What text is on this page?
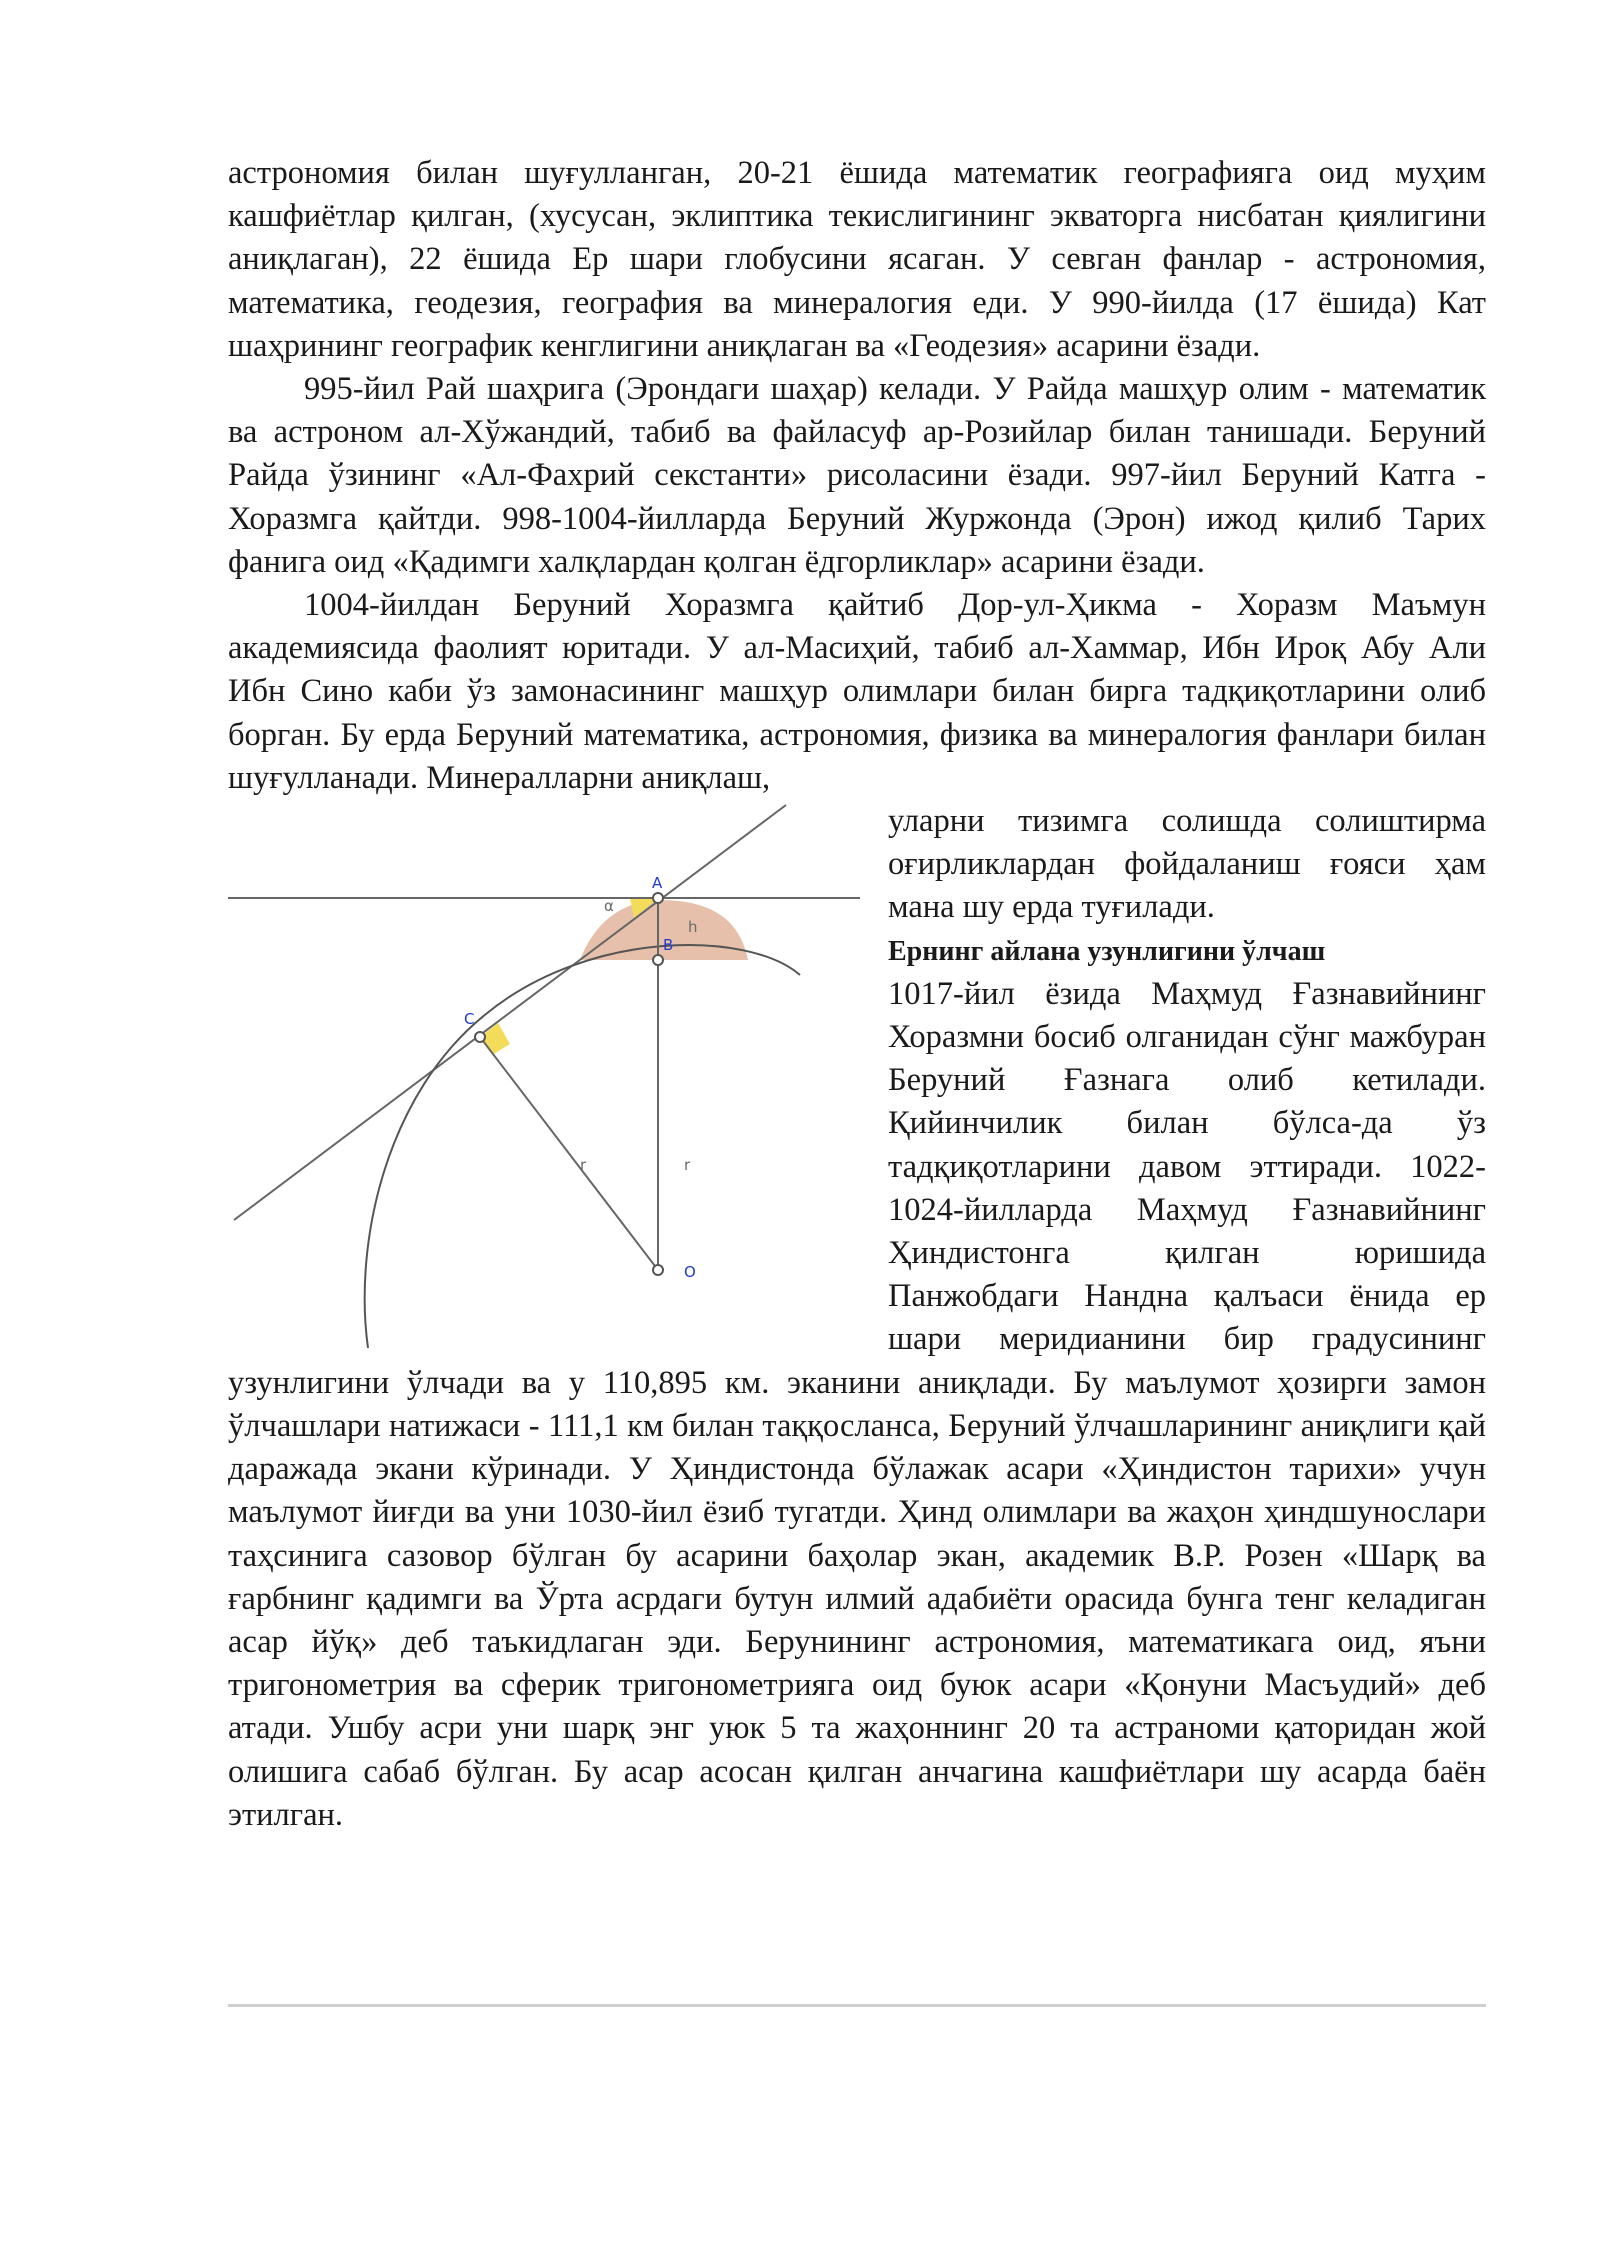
астрономия билан шуғулланган, 20-21 ёшида математик географияга оид муҳим кашфиётлар қилган, (хусусан, эклиптика текислигининг экваторга нисбатан қиялигини аниқлаган), 22 ёшида Ер шари глобусини ясаган. У севган фанлар - астрономия, математика, геодезия, география ва минералогия еди. У 990-йилда (17 ёшида) Кат шаҳрининг географик кенглигини аниқлаган ва «Геодезия» асарини ёзади.

995-йил Рай шаҳрига (Эрондаги шаҳар) келади. У Райда машҳур олим - математик ва астроном ал-Хўжандий, табиб ва файласуф ар-Розийлар билан танишади. Беруний Райда ўзининг «Ал-Фахрий секстанти» рисоласини ёзади. 997-йил Беруний Катга - Хоразмга қайтди. 998-1004-йилларда Беруний Журжонда (Эрон) ижод қилиб Тарих фанига оид «Қадимги халқлардан қолган ёдгорликлар» асарини ёзади.

1004-йилдан Беруний Хоразмга қайтиб Дор-ул-Ҳикма - Хоразм Маъмун академиясида фаолият юритади. У ал-Масиҳий, табиб ал-Хаммар, Ибн Ироқ Абу Али Ибн Сино каби ўз замонасининг машҳур олимлари билан бирга тадқиқотларини олиб борган. Бу ерда Беруний математика, астрономия, физика ва минералогия фанлари билан шуғулланади. Минералларни аниқлаш,

A
B
C
O
α
h
r	r

уларни тизимга солишда солиштирма оғирликлардан фойдаланиш ғояси ҳам мана шу ерда туғилади.

Ернинг айлана узунлигини ўлчаш

1017-йил ёзида Маҳмуд Ғазнавийнинг Хоразмни босиб олганидан сўнг мажбуран Беруний Ғазнага олиб кетилади. Қийинчилик билан бўлса-да ўз тадқиқотларини давом эттиради. 1022-1024-йилларда Маҳмуд Ғазнавийнинг Ҳиндистонга қилган юришида Панжобдаги Нандна қалъаси ёнида ер шари меридианини бир градусининг узунлигини ўлчади ва у 110,895 км. эканини аниқлади. Бу маълумот ҳозирги замон ўлчашлари натижаси - 111,1 км билан таққосланса, Беруний ўлчашларининг аниқлиги қай даражада экани кўринади. У Ҳиндистонда бўлажак асари «Ҳиндистон тарихи» учун маълумот йиғди ва уни 1030-йил ёзиб тугатди. Ҳинд олимлари ва жаҳон ҳиндшунослари таҳсинига сазовор бўлган бу асарини баҳолар экан, академик В.Р. Розен «Шарқ ва ғарбнинг қадимги ва Ўрта асрдаги бутун илмий адабиёти орасида бунга тенг келадиган асар йўқ» деб таъкидлаган эди. Берунининг астрономия, математикага оид, яъни тригонометрия ва сферик тригонометрияга оид буюк асари «Қонуни Масъудий» деб атади. Ушбу асри уни шарқ энг уюк 5 та жаҳоннинг 20 та астраноми қаторидан жой олишига сабаб бўлган. Бу асар асосан қилган анчагина кашфиётлари шу асарда баён этилган.
